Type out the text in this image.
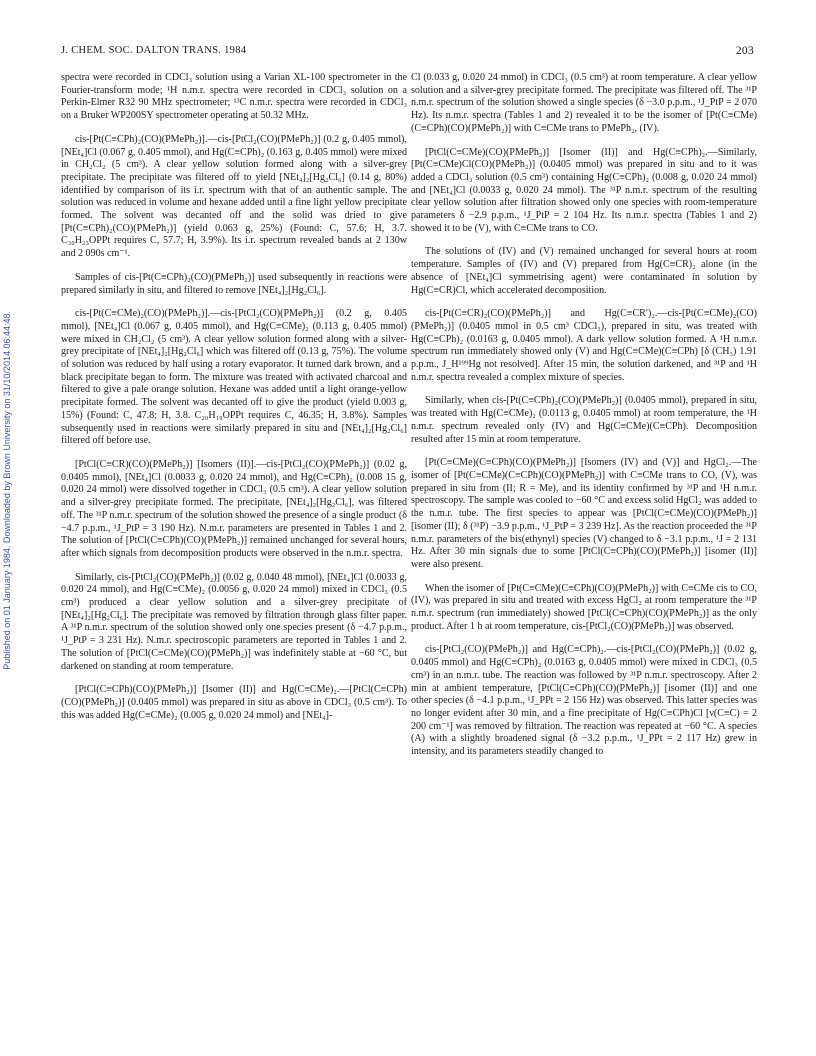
J. CHEM. SOC. DALTON TRANS. 1984	203
Published on 01 January 1984. Downloaded by Brown University on 31/10/2014 06:44:48.

spectra were recorded in CDCl₃ solution using a Varian XL-100 spectrometer in the Fourier-transform mode; ¹H n.m.r. spectra were recorded in CDCl₃ solution on a Perkin-Elmer R32 90 MHz spectrometer; ¹³C n.m.r. spectra were recorded in CDCl₃ on a Bruker WP200SY spectrometer operating at 50.32 MHz.

cis-[Pt(C≡CPh)₂(CO)(PMePh₂)].—cis-[PtCl₂(CO)(PMePh₂)] (0.2 g, 0.405 mmol), [NEt₄]Cl (0.067 g, 0.405 mmol), and Hg(C≡CPh)₂ (0.163 g, 0.405 mmol) were mixed in CH₂Cl₂ (5 cm³). A clear yellow solution formed along with a silver-grey precipitate. The precipitate was filtered off to yield [NEt₄]₂[Hg₂Cl₆] (0.14 g, 80%) identified by comparison of its i.r. spectrum with that of an authentic sample. The solution was reduced in volume and hexane added until a fine light yellow precipitate formed. The solvent was decanted off and the solid was dried to give [Pt(C≡CPh)₂(CO)(PMePh₂)] (yield 0.063 g, 25%) (Found: C, 57.6; H, 3.7. C₃₀H₂₃OPPt requires C, 57.7; H, 3.9%). Its i.r. spectrum revealed bands at 2 130w and 2 090s cm⁻¹.

Samples of cis-[Pt(C≡CPh)₂(CO)(PMePh₂)] used subsequently in reactions were prepared similarly in situ, and filtered to remove [NEt₄]₂[Hg₂Cl₆].

cis-[Pt(C≡CMe)₂(CO)(PMePh₂)].—cis-[PtCl₂(CO)(PMePh₂)] (0.2 g, 0.405 mmol), [NEt₄]Cl (0.067 g, 0.405 mmol), and Hg(C≡CMe)₂ (0.113 g, 0.405 mmol) were mixed in CH₂Cl₂ (5 cm³). A clear yellow solution formed along with a silver-grey precipitate of [NEt₄]₂[Hg₂Cl₆] which was filtered off (0.13 g, 75%). The volume of solution was reduced by half using a rotary evaporator. It turned dark brown, and a black precipitate began to form. The mixture was treated with activated charcoal and filtered to give a pale orange solution. Hexane was added until a light orange-yellow precipitate formed. The solvent was decanted off to give the product (yield 0.003 g, 15%) (Found: C, 47.8; H, 3.8. C₂₀H₁₉OPPt requires C, 46.35; H, 3.8%). Samples subsequently used in reactions were similarly prepared in situ and [NEt₄]₂[Hg₂Cl₆] filtered off before use.

[PtCl(C≡CR)(CO)(PMePh₂)] [Isomers (II)].—cis-[PtCl₂(CO)(PMePh₂)] (0.02 g, 0.0405 mmol), [NEt₄]Cl (0.0033 g, 0.020 24 mmol), and Hg(C≡CPh)₂ (0.008 15 g, 0.020 24 mmol) were dissolved together in CDCl₃ (0.5 cm³). A clear yellow solution and a silver-grey precipitate formed. The precipitate, [NEt₄]₂[Hg₂Cl₆], was filtered off. The ³¹P n.m.r. spectrum of the solution showed the presence of a single product (δ −4.7 p.p.m., ¹J_PtP = 3 190 Hz). N.m.r. parameters are presented in Tables 1 and 2. The solution of [PtCl(C≡CPh)(CO)(PMePh₂)] remained unchanged for several hours, after which signals from decomposition products were observed in the n.m.r. spectra.

Similarly, cis-[PtCl₂(CO)(PMePh₂)] (0.02 g, 0.040 48 mmol), [NEt₄]Cl (0.0033 g, 0.020 24 mmol), and Hg(C≡CMe)₂ (0.0056 g, 0.020 24 mmol) mixed in CDCl₃ (0.5 cm³) produced a clear yellow solution and a silver-grey precipitate of [NEt₄]₂[Hg₂Cl₆]. The precipitate was removed by filtration through glass filter paper. A ³¹P n.m.r. spectrum of the solution showed only one species present (δ −4.7 p.p.m., ¹J_PtP = 3 231 Hz). N.m.r. spectroscopic parameters are reported in Tables 1 and 2. The solution of [PtCl(C≡CMe)(CO)(PMePh₂)] was indefinitely stable at −60 °C, but darkened on standing at room temperature.

[PtCl(C≡CPh)(CO)(PMePh₂)] [Isomer (II)] and Hg(C≡CMe)₂.—[PtCl(C≡CPh)(CO)(PMePh₂)] (0.0405 mmol) was prepared in situ as above in CDCl₃ (0.5 cm³). To this was added Hg(C≡CMe)₂ (0.005 g, 0.020 24 mmol) and [NEt₄]-

Cl (0.033 g, 0.020 24 mmol) in CDCl₃ (0.5 cm³) at room temperature. A clear yellow solution and a silver-grey precipitate formed. The precipitate was filtered off. The ³¹P n.m.r. spectrum of the solution showed a single species (δ −3.0 p.p.m., ¹J_PtP = 2 070 Hz). Its n.m.r. spectra (Tables 1 and 2) revealed it to be the isomer of [Pt(C≡CMe)(C≡CPh)(CO)(PMePh₂)] with C≡CMe trans to PMePh₂, (IV).

[PtCl(C≡CMe)(CO)(PMePh₂)] [Isomer (II)] and Hg(C≡CPh)₂.—Similarly, [Pt(C≡CMe)Cl(CO)(PMePh₂)] (0.0405 mmol) was prepared in situ and to it was added a CDCl₃ solution (0.5 cm³) containing Hg(C≡CPh)₂ (0.008 g, 0.020 24 mmol) and [NEt₄]Cl (0.0033 g, 0.020 24 mmol). The ³¹P n.m.r. spectrum of the resulting clear yellow solution after filtration showed only one species with room-temperature parameters δ −2.9 p.p.m., ¹J_PtP = 2 104 Hz. Its n.m.r. spectra (Tables 1 and 2) showed it to be (V), with C≡CMe trans to CO.

The solutions of (IV) and (V) remained unchanged for several hours at room temperature. Samples of (IV) and (V) prepared from Hg(C≡CR)₂ alone (in the absence of [NEt₄]Cl symmetrising agent) were contaminated in solution by Hg(C≡CR)Cl, which accelerated decomposition.

cis-[Pt(C≡CR)₂(CO)(PMePh₂)] and Hg(C≡CR′)₂.—cis-[Pt(C≡CMe)₂(CO)(PMePh₂)] (0.0405 mmol in 0.5 cm³ CDCl₃), prepared in situ, was treated with Hg(C≡CPh)₂ (0.0163 g, 0.0405 mmol). A dark yellow solution formed. A ¹H n.m.r. spectrum run immediately showed only (V) and Hg(C≡CMe)(C≡CPh) [δ (CH₃) 1.91 p.p.m., J_H¹⁹⁹Hg not resolved]. After 15 min, the solution darkened, and ³¹P and ¹H n.m.r. spectra revealed a complex mixture of species.

Similarly, when cis-[Pt(C≡CPh)₂(CO)(PMePh₂)] (0.0405 mmol), prepared in situ, was treated with Hg(C≡CMe)₂ (0.0113 g, 0.0405 mmol) at room temperature, the ¹H n.m.r. spectrum revealed only (IV) and Hg(C≡CMe)(C≡CPh). Decomposition resulted after 15 min at room temperature.

[Pt(C≡CMe)(C≡CPh)(CO)(PMePh₂)] [Isomers (IV) and (V)] and HgCl₂.—The isomer of [Pt(C≡CMe)(C≡CPh)(CO)(PMePh₂)] with C≡CMe trans to CO, (V), was prepared in situ from (II; R = Me), and its identity confirmed by ³¹P and ¹H n.m.r. spectroscopy. The sample was cooled to −60 °C and excess solid HgCl₂ was added to the n.m.r. tube. The first species to appear was [PtCl(C≡CMe)(CO)(PMePh₂)] [isomer (II); δ (³¹P) −3.9 p.p.m., ¹J_PtP = 3 239 Hz]. As the reaction proceeded the ³¹P n.m.r. parameters of the bis(ethynyl) species (V) changed to δ −3.1 p.p.m., ¹J = 2 131 Hz. After 30 min signals due to some [PtCl(C≡CPh)(CO)(PMePh₂)] [isomer (II)] were also present.

When the isomer of [Pt(C≡CMe)(C≡CPh)(CO)(PMePh₂)] with C≡CMe cis to CO, (IV), was prepared in situ and treated with excess HgCl₂ at room temperature the ³¹P n.m.r. spectrum (run immediately) showed [PtCl(C≡CPh)(CO)(PMePh₂)] as the only product. After 1 h at room temperature, cis-[PtCl₂(CO)(PMePh₂)] was observed.

cis-[PtCl₂(CO)(PMePh₂)] and Hg(C≡CPh)₂.—cis-[PtCl₂(CO)(PMePh₂)] (0.02 g, 0.0405 mmol) and Hg(C≡CPh)₂ (0.0163 g, 0.0405 mmol) were mixed in CDCl₃ (0.5 cm³) in an n.m.r. tube. The reaction was followed by ³¹P n.m.r. spectroscopy. After 2 min at ambient temperature, [PtCl(C≡CPh)(CO)(PMePh₂)] [isomer (II)] and one other species (δ −4.1 p.p.m., ¹J_PPt = 2 156 Hz) was observed. This latter species was no longer evident after 30 min, and a fine precipitate of Hg(C≡CPh)Cl [ν(C≡C) = 2 200 cm⁻¹] was removed by filtration. The reaction was repeated at −60 °C. A species (A) with a slightly broadened signal (δ −3.2 p.p.m., ¹J_PPt = 2 117 Hz) grew in intensity, and its parameters steadily changed to
